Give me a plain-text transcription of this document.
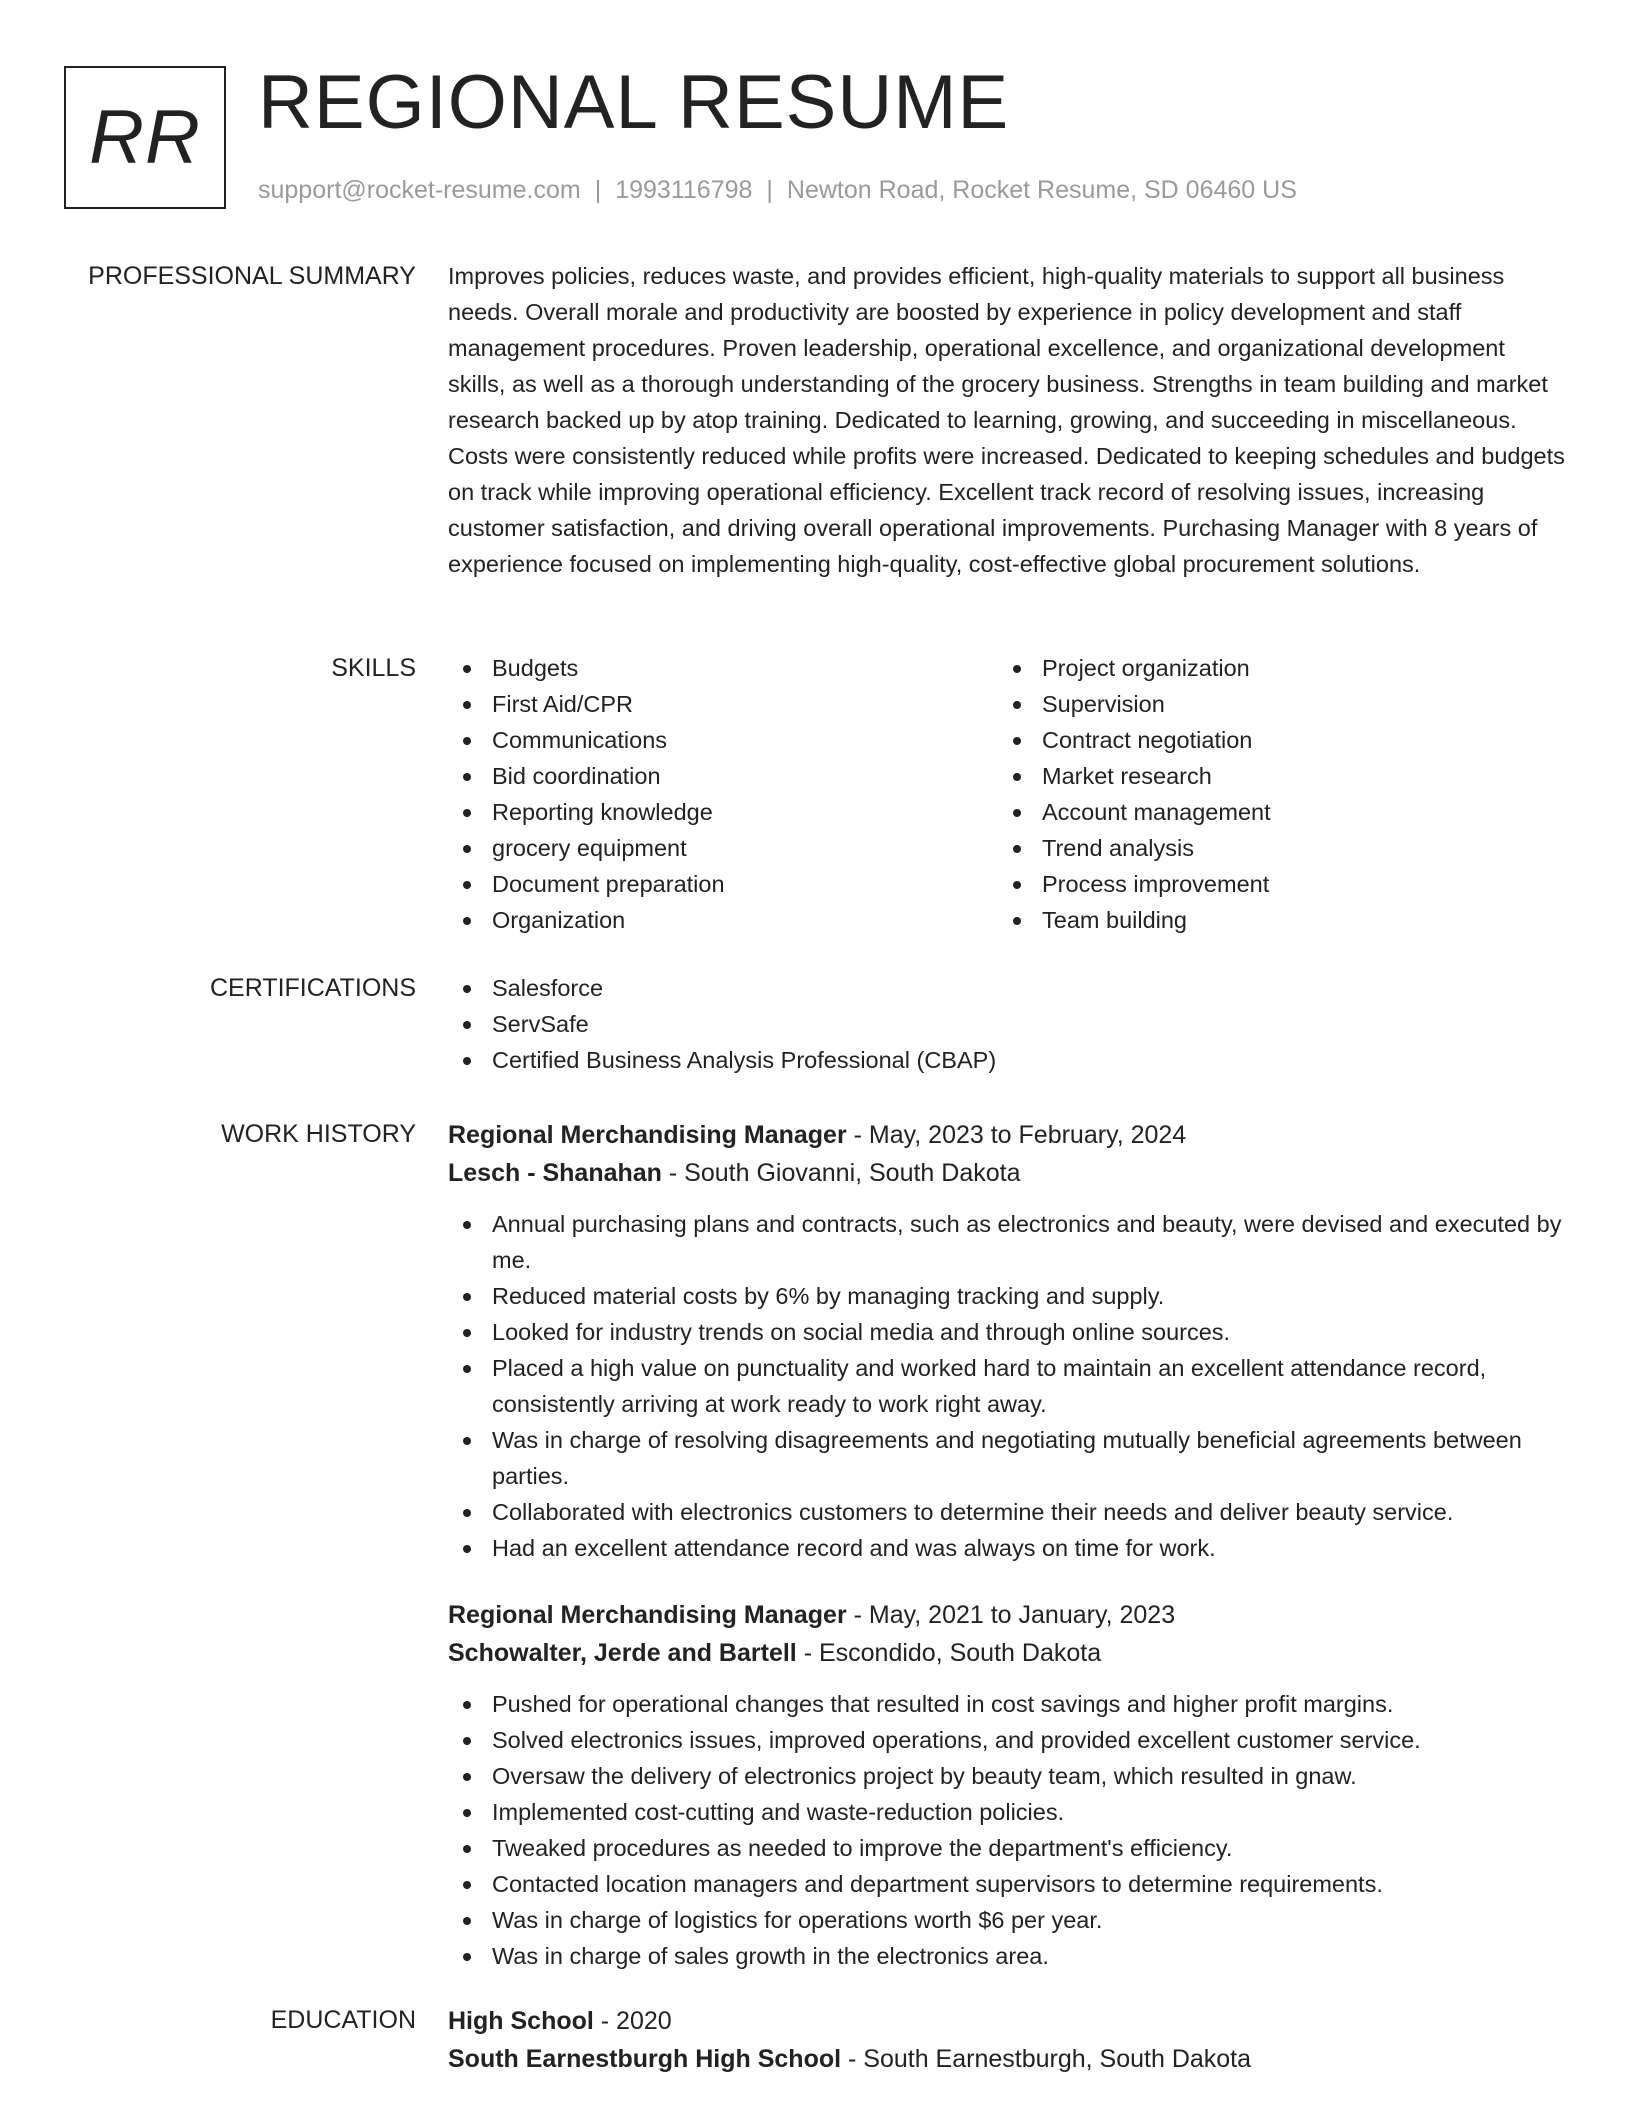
RR REGIONAL RESUME
support@rocket-resume.com | 1993116798 | Newton Road, Rocket Resume, SD 06460 US
PROFESSIONAL SUMMARY Improves policies, reduces waste, and provides efficient, high-quality materials to support all business needs. Overall morale and productivity are boosted by experience in policy development and staff management procedures. Proven leadership, operational excellence, and organizational development skills, as well as a thorough understanding of the grocery business. Strengths in team building and market research backed up by atop training. Dedicated to learning, growing, and succeeding in miscellaneous. Costs were consistently reduced while profits were increased. Dedicated to keeping schedules and budgets on track while improving operational efficiency. Excellent track record of resolving issues, increasing customer satisfaction, and driving overall operational improvements. Purchasing Manager with 8 years of experience focused on implementing high-quality, cost-effective global procurement solutions.
SKILLS	Budgets
First Aid/CPR
Communications
Bid coordination
Reporting knowledge
grocery equipment
Document preparation
Organization
Project organization
Supervision
Contract negotiation
Market research
Account management
Trend analysis
Process improvement
Team building
CERTIFICATIONS	Salesforce
ServSafe
Certified Business Analysis Professional (CBAP)
WORK HISTORY Regional Merchandising Manager - May, 2023 to February, 2024
Lesch - Shanahan - South Giovanni, South Dakota
Annual purchasing plans and contracts, such as electronics and beauty, were devised and executed by me.
Reduced material costs by 6% by managing tracking and supply.
Looked for industry trends on social media and through online sources.
Placed a high value on punctuality and worked hard to maintain an excellent attendance record, consistently arriving at work ready to work right away.
Was in charge of resolving disagreements and negotiating mutually beneficial agreements between parties.
Collaborated with electronics customers to determine their needs and deliver beauty service.
Had an excellent attendance record and was always on time for work.
Regional Merchandising Manager - May, 2021 to January, 2023
Schowalter, Jerde and Bartell - Escondido, South Dakota
Pushed for operational changes that resulted in cost savings and higher profit margins.
Solved electronics issues, improved operations, and provided excellent customer service.
Oversaw the delivery of electronics project by beauty team, which resulted in gnaw.
Implemented cost-cutting and waste-reduction policies.
Tweaked procedures as needed to improve the department's efficiency.
Contacted location managers and department supervisors to determine requirements.
Was in charge of logistics for operations worth $6 per year.
Was in charge of sales growth in the electronics area.
EDUCATION High School - 2020
South Earnestburgh High School - South Earnestburgh, South Dakota
